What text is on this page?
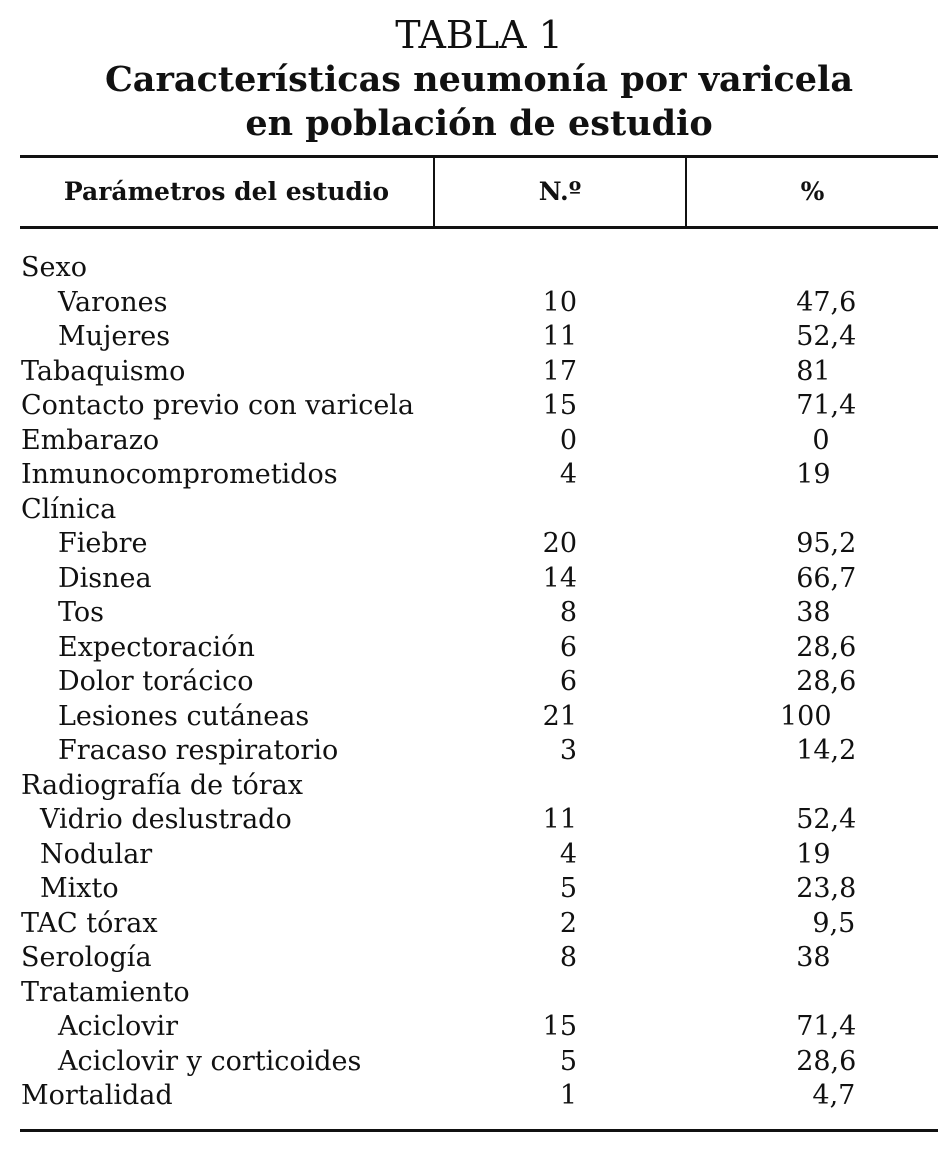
TABLA 1
Características neumonía por varicela
en población de estudio
Parámetros del estudio	N.º	%
Sexo
Varones	10	47,6
Mujeres	11	52,4
Tabaquismo	17	81
Contacto previo con varicela	15	71,4
Embarazo	0	0
Inmunocomprometidos	4	19
Clínica
Fiebre	20	95,2
Disnea	14	66,7
Tos	8	38
Expectoración	6	28,6
Dolor torácico	6	28,6
Lesiones cutáneas	21	100
Fracaso respiratorio	3	14,2
Radiografía de tórax
Vidrio deslustrado	11	52,4
Nodular	4	19
Mixto	5	23,8
TAC tórax	2	9,5
Serología	8	38
Tratamiento
Aciclovir	15	71,4
Aciclovir y corticoides	5	28,6
Mortalidad	1	4,7
